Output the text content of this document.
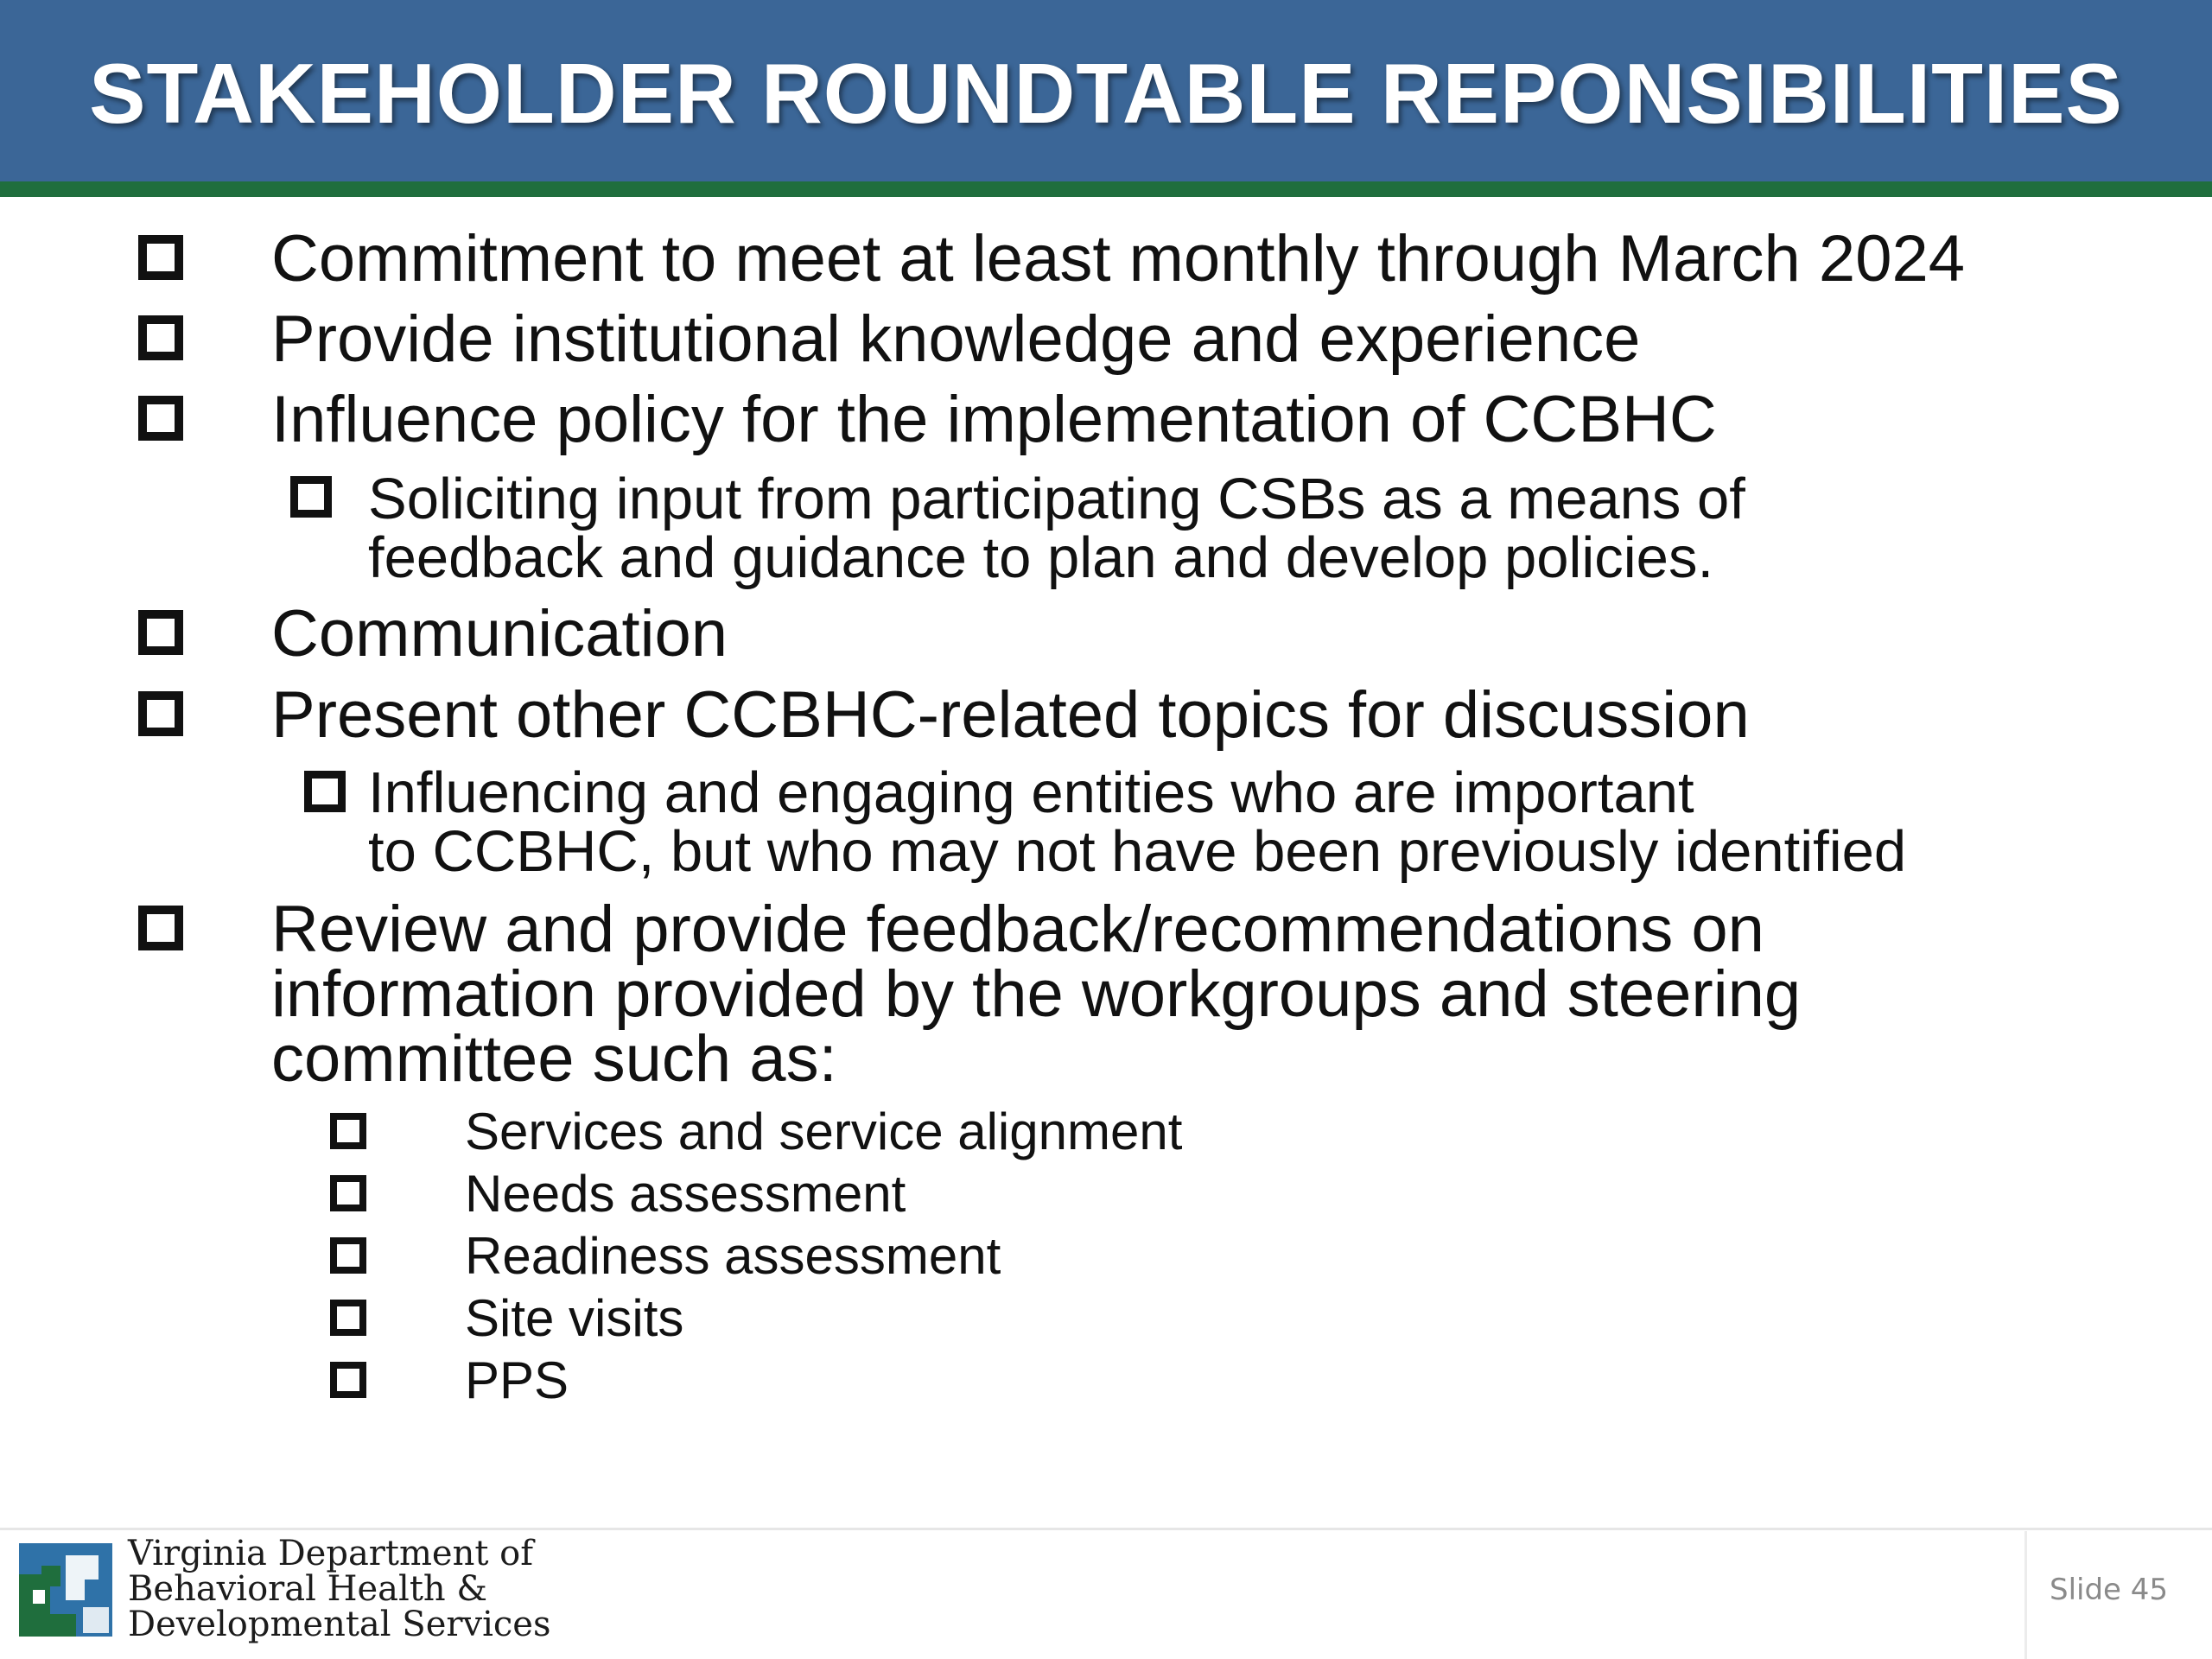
STAKEHOLDER ROUNDTABLE REPONSIBILITIES
Commitment to meet at least monthly through March 2024
Provide institutional knowledge and experience
Influence policy for the implementation of CCBHC
Soliciting input from participating CSBs as a means of
feedback and guidance to plan and develop policies.
Communication
Present other CCBHC-related topics for discussion
Influencing and engaging entities who are important
to CCBHC, but who may not have been previously identified
Review and provide feedback/recommendations on
information provided by the workgroups and steering
committee such as:
Services and service alignment
Needs assessment
Readiness assessment
Site visits
PPS
Virginia Department of
Behavioral Health &
Developmental Services
Slide 45
